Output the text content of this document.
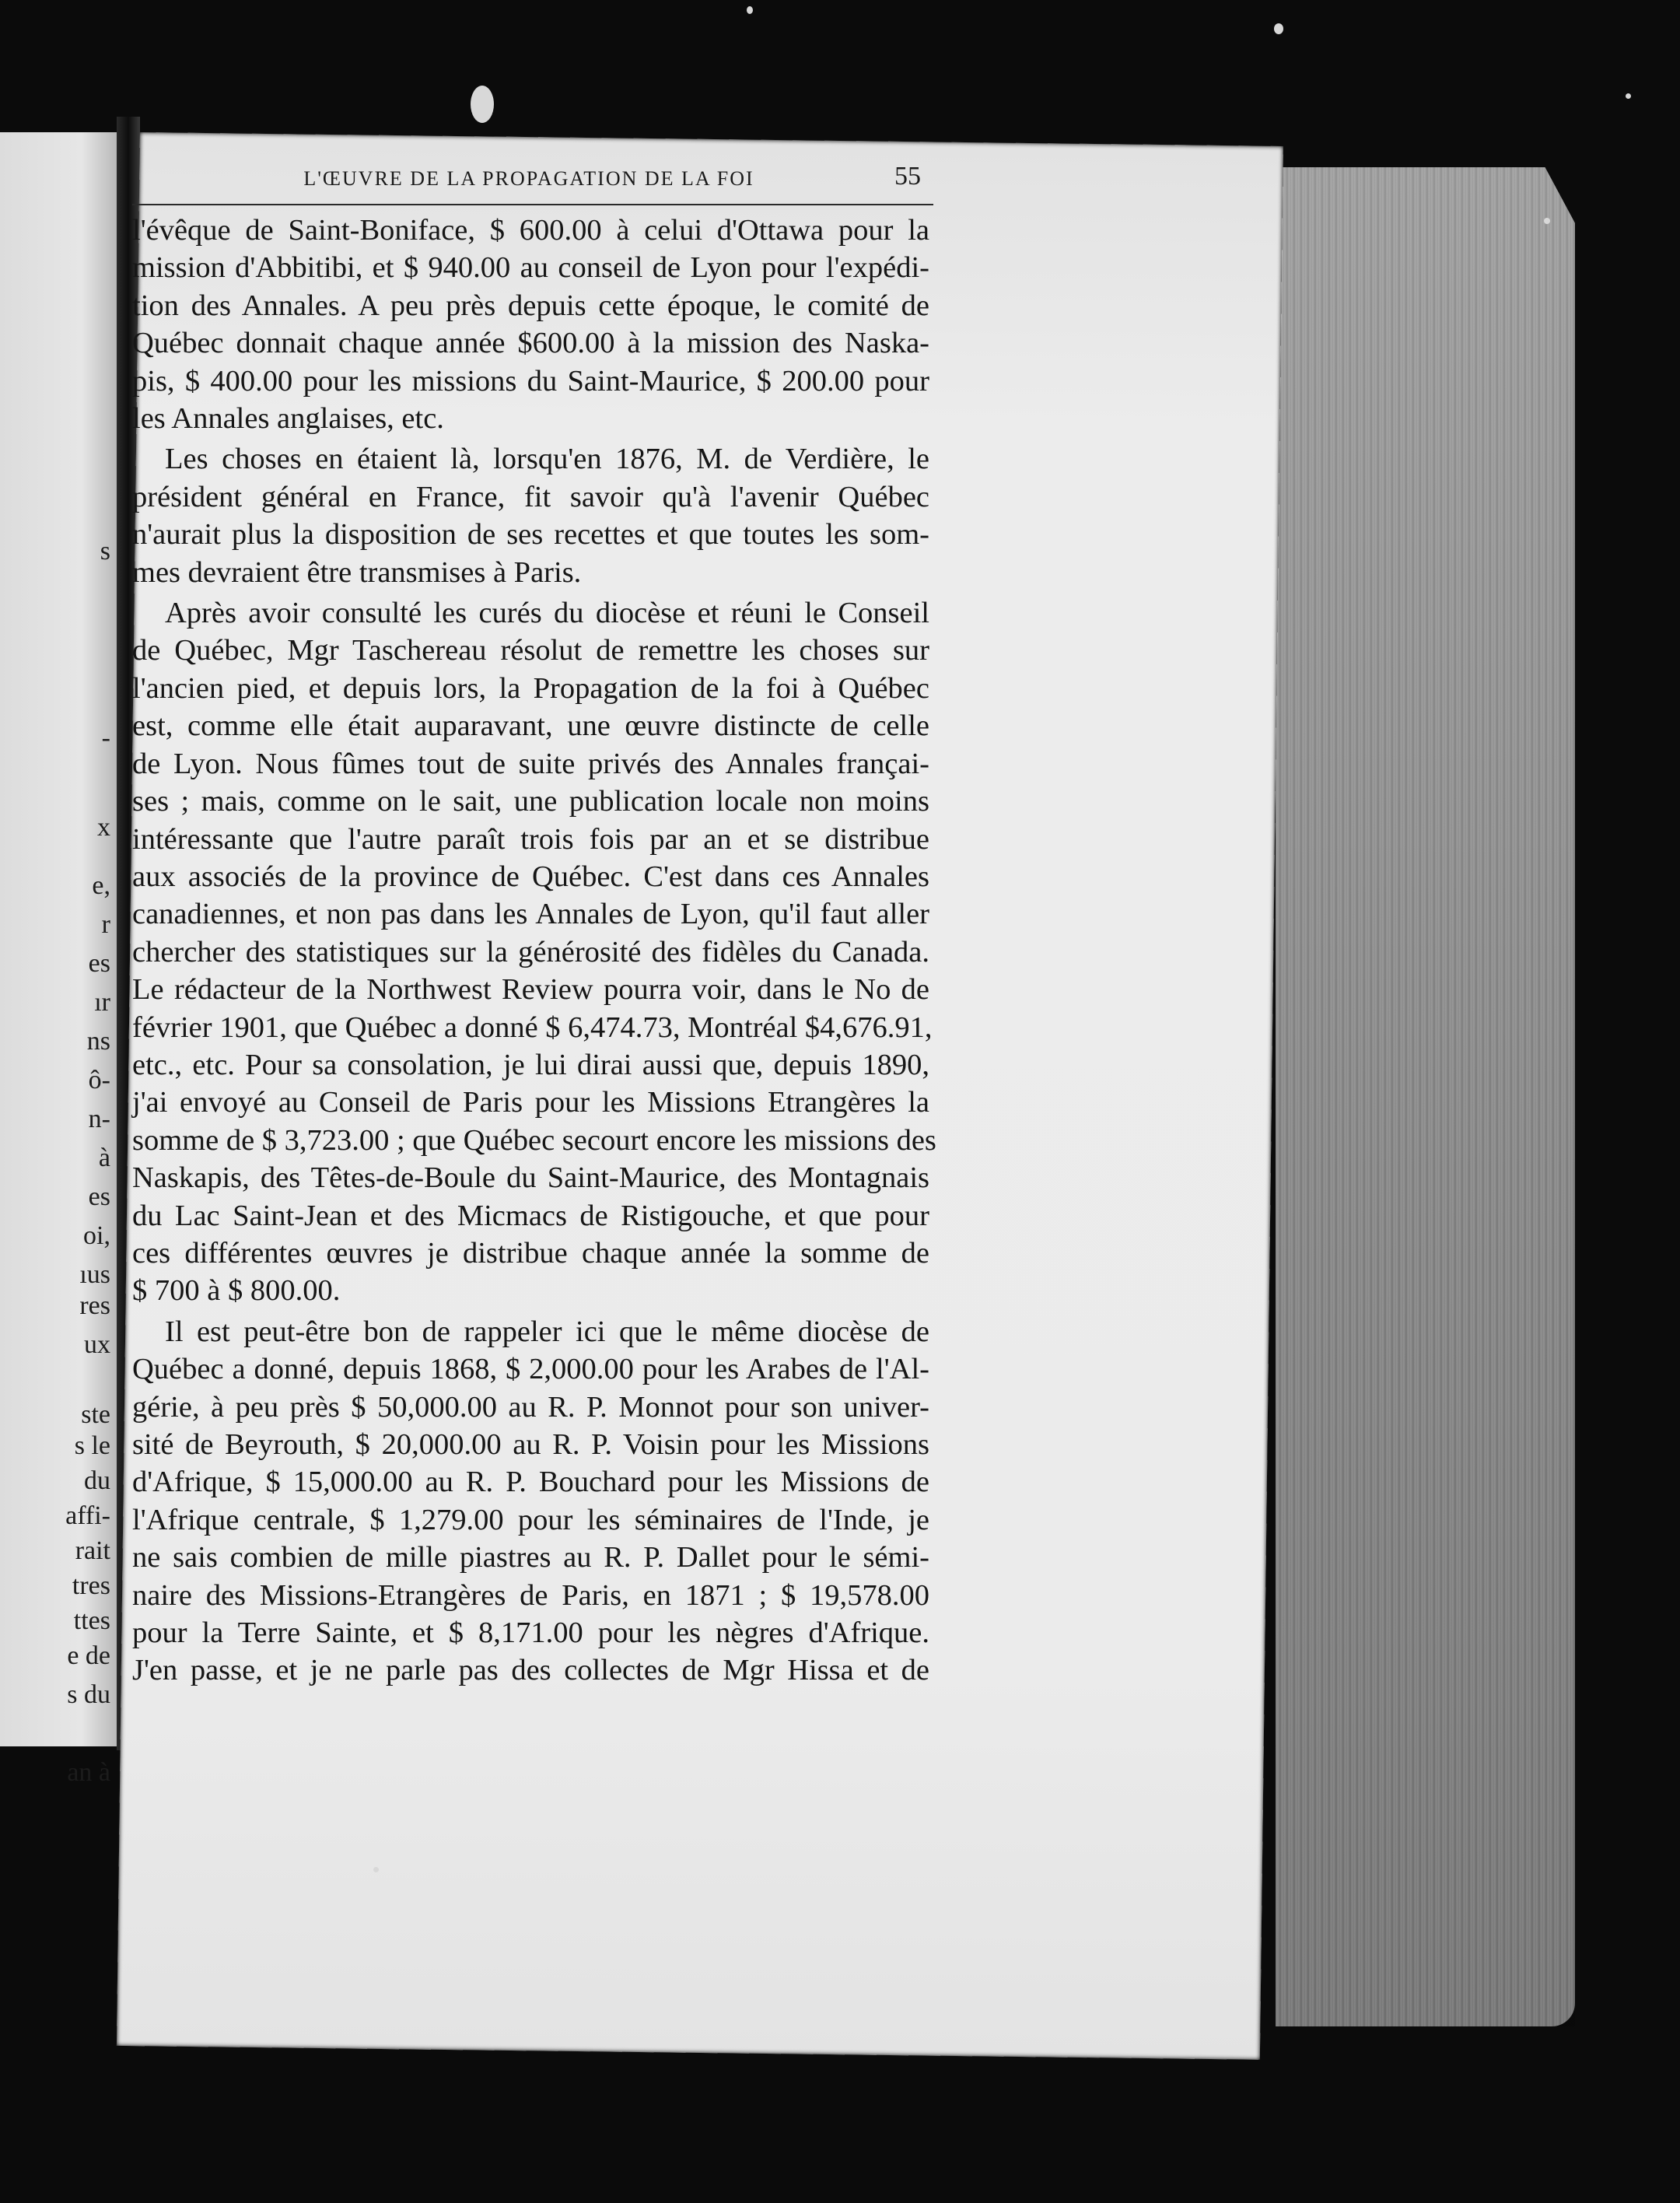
s
-
x
e,
r
es
ır
ns
ô-
n-
à
es
oi,
ıus
res
ux
ste
s le
du
affi-
rait
tres
ttes
e de
s du
an à
L'ŒUVRE DE LA PROPAGATION DE LA FOI	55
l'évêque de Saint-Boniface, $ 600.00 à celui d'Ottawa pour la
mission d'Abbitibi, et $ 940.00 au conseil de Lyon pour l'expédi-
tion des Annales. A peu près depuis cette époque, le comité de
Québec donnait chaque année $600.00 à la mission des Naska-
pis, $ 400.00 pour les missions du Saint-Maurice, $ 200.00 pour
les Annales anglaises, etc.
Les choses en étaient là, lorsqu'en 1876, M. de Verdière, le
président général en France, fit savoir qu'à l'avenir Québec
n'aurait plus la disposition de ses recettes et que toutes les som-
mes devraient être transmises à Paris.
Après avoir consulté les curés du diocèse et réuni le Conseil
de Québec, Mgr Taschereau résolut de remettre les choses sur
l'ancien pied, et depuis lors, la Propagation de la foi à Québec
est, comme elle était auparavant, une œuvre distincte de celle
de Lyon. Nous fûmes tout de suite privés des Annales françai-
ses ; mais, comme on le sait, une publication locale non moins
intéressante que l'autre paraît trois fois par an et se distribue
aux associés de la province de Québec. C'est dans ces Annales
canadiennes, et non pas dans les Annales de Lyon, qu'il faut aller
chercher des statistiques sur la générosité des fidèles du Canada.
Le rédacteur de la Northwest Review pourra voir, dans le No de
février 1901, que Québec a donné $ 6,474.73, Montréal $4,676.91,
etc., etc. Pour sa consolation, je lui dirai aussi que, depuis 1890,
j'ai envoyé au Conseil de Paris pour les Missions Etrangères la
somme de $ 3,723.00 ; que Québec secourt encore les missions des
Naskapis, des Têtes-de-Boule du Saint-Maurice, des Montagnais
du Lac Saint-Jean et des Micmacs de Ristigouche, et que pour
ces différentes œuvres je distribue chaque année la somme de
$ 700 à $ 800.00.
Il est peut-être bon de rappeler ici que le même diocèse de
Québec a donné, depuis 1868, $ 2,000.00 pour les Arabes de l'Al-
gérie, à peu près $ 50,000.00 au R. P. Monnot pour son univer-
sité de Beyrouth, $ 20,000.00 au R. P. Voisin pour les Missions
d'Afrique, $ 15,000.00 au R. P. Bouchard pour les Missions de
l'Afrique centrale, $ 1,279.00 pour les séminaires de l'Inde, je
ne sais combien de mille piastres au R. P. Dallet pour le sémi-
naire des Missions-Etrangères de Paris, en 1871 ; $ 19,578.00
pour la Terre Sainte, et $ 8,171.00 pour les nègres d'Afrique.
J'en passe, et je ne parle pas des collectes de Mgr Hissa et de
